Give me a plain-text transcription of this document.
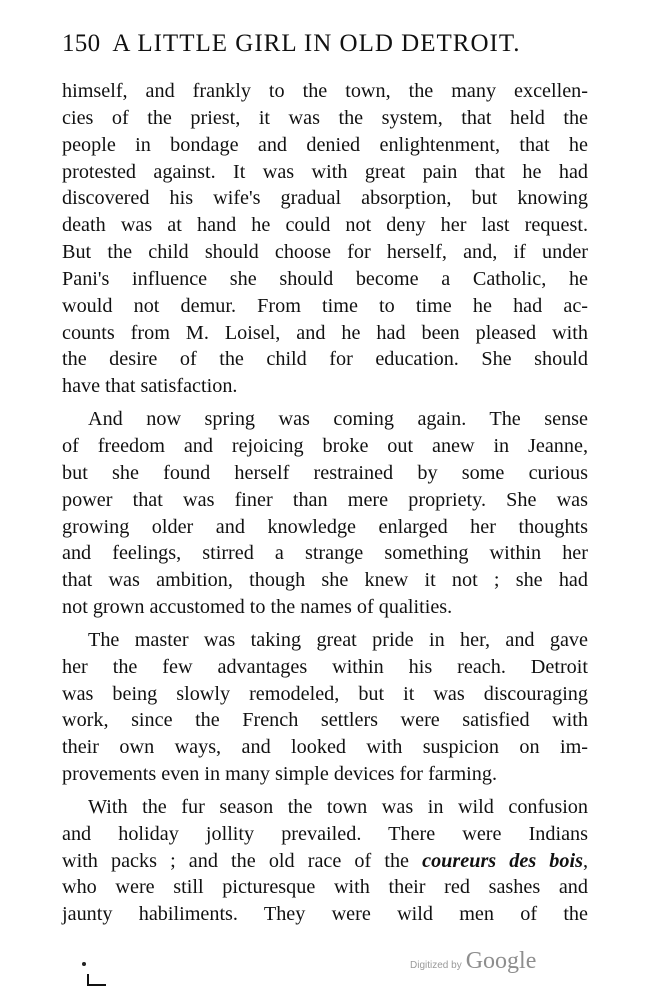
150 A LITTLE GIRL IN OLD DETROIT.
himself, and frankly to the town, the many excellen-
cies of the priest, it was the system, that held the
people in bondage and denied enlightenment, that he
protested against. It was with great pain that he had
discovered his wife's gradual absorption, but knowing
death was at hand he could not deny her last request.
But the child should choose for herself, and, if under
Pani's influence she should become a Catholic, he
would not demur. From time to time he had ac-
counts from M. Loisel, and he had been pleased with
the desire of the child for education. She should
have that satisfaction.
And now spring was coming again. The sense
of freedom and rejoicing broke out anew in Jeanne,
but she found herself restrained by some curious
power that was finer than mere propriety. She was
growing older and knowledge enlarged her thoughts
and feelings, stirred a strange something within her
that was ambition, though she knew it not ; she had
not grown accustomed to the names of qualities.
The master was taking great pride in her, and gave
her the few advantages within his reach. Detroit
was being slowly remodeled, but it was discouraging
work, since the French settlers were satisfied with
their own ways, and looked with suspicion on im-
provements even in many simple devices for farming.
With the fur season the town was in wild confusion
and holiday jollity prevailed. There were Indians
with packs ; and the old race of the coureurs des bois,
who were still picturesque with their red sashes and
jaunty habiliments. They were wild men of the
Digitized by Google
